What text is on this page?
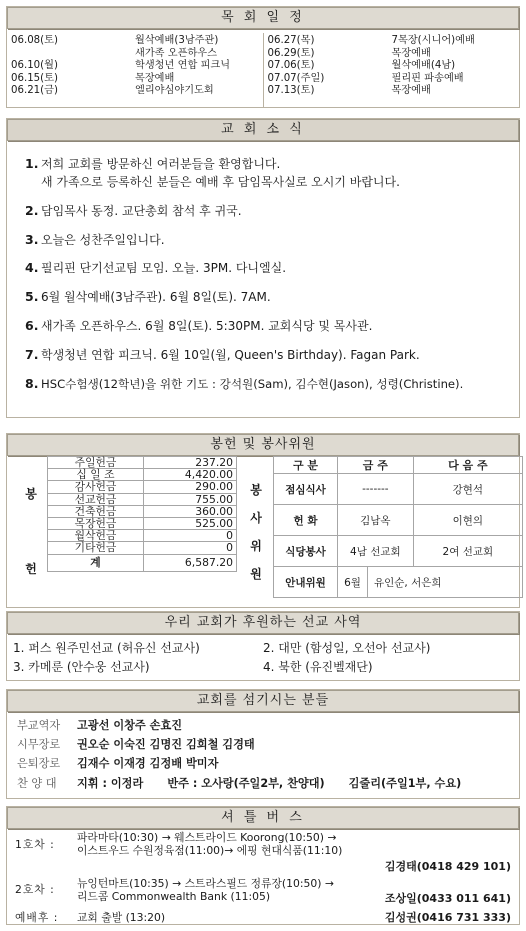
목 회 일 정
06.08(토)	월삭예배(3남주관)
새가족 오픈하우스
06.10(월)	학생청년 연합 피크닉
06.15(토)	목장예배
06.21(금)	엘리야심야기도회
06.27(목)	7목장(시니어)예배
06.29(토)	목장예배
07.06(토)	월삭예배(4남)
07.07(주일)	필리핀 파송예배
07.13(토)	목장예배
교 회 소 식
1. 저희 교회를 방문하신 여러분들을 환영합니다.
새 가족으로 등록하신 분들은 예배 후 담임목사실로 오시기 바랍니다.
2. 담임목사 동정. 교단총회 참석 후 귀국.
3. 오늘은 성찬주일입니다.
4. 필리핀 단기선교팀 모임. 오늘. 3PM. 다니엘실.
5. 6월 월삭예배(3남주관). 6월 8일(토). 7AM.
6. 새가족 오픈하우스. 6월 8일(토). 5:30PM. 교회식당 및 목사관.
7. 학생청년 연합 피크닉. 6월 10일(월, Queen's Birthday). Fagan Park.
8. HSC수험생(12학년)을 위한 기도 : 강석원(Sam), 김수현(Jason), 성령(Christine).
봉헌 및 봉사위원
봉
헌
주일헌금	237.20
십 일 조	4,420.00
감사헌금	290.00
선교헌금	755.00
건축헌금	360.00
목장헌금	525.00
월삭헌금	0
기타헌금	0
계	6,587.20
봉
사
위
원
구 분	금 주		다 음 주
점심식사	-------		강현석
헌 화	김남옥		이현의
식당봉사	4남 선교회		2여 선교회
안내위원	6월	유인순, 서은희	
우리 교회가 후원하는 선교 사역
1. 퍼스 원주민선교 (허유신 선교사)	2. 대만 (함성일, 오선아 선교사)
3. 카메룬 (안수웅 선교사)	4. 북한 (유진벨재단)
교회를 섬기시는 분들
부교역자	고광선 이창주 손효진
시무장로	권오순 이숙진 김명진 김희철 김경태
은퇴장로	김재수 이재경 김정배 박미자
찬 양 대	지휘 : 이정라 반주 : 오사랑(주일2부, 찬양대) 김줄리(주일1부, 수요)
셔 틀 버 스
1호차 :
파라마타(10:30) → 웨스트라이드 Koorong(10:50) →
이스트우드 수원정육점(11:00)→ 에핑 현대식품(11:10)
김경태(0418 429 101)
2호차 :	뉴잉턴마트(10:35) → 스트라스필드 정류장(10:50) →
리드콤 Commonwealth Bank (11:05)	조상일(0433 011 641)
예배후 :	교회 출발 (13:20)	김성권(0416 731 333)
